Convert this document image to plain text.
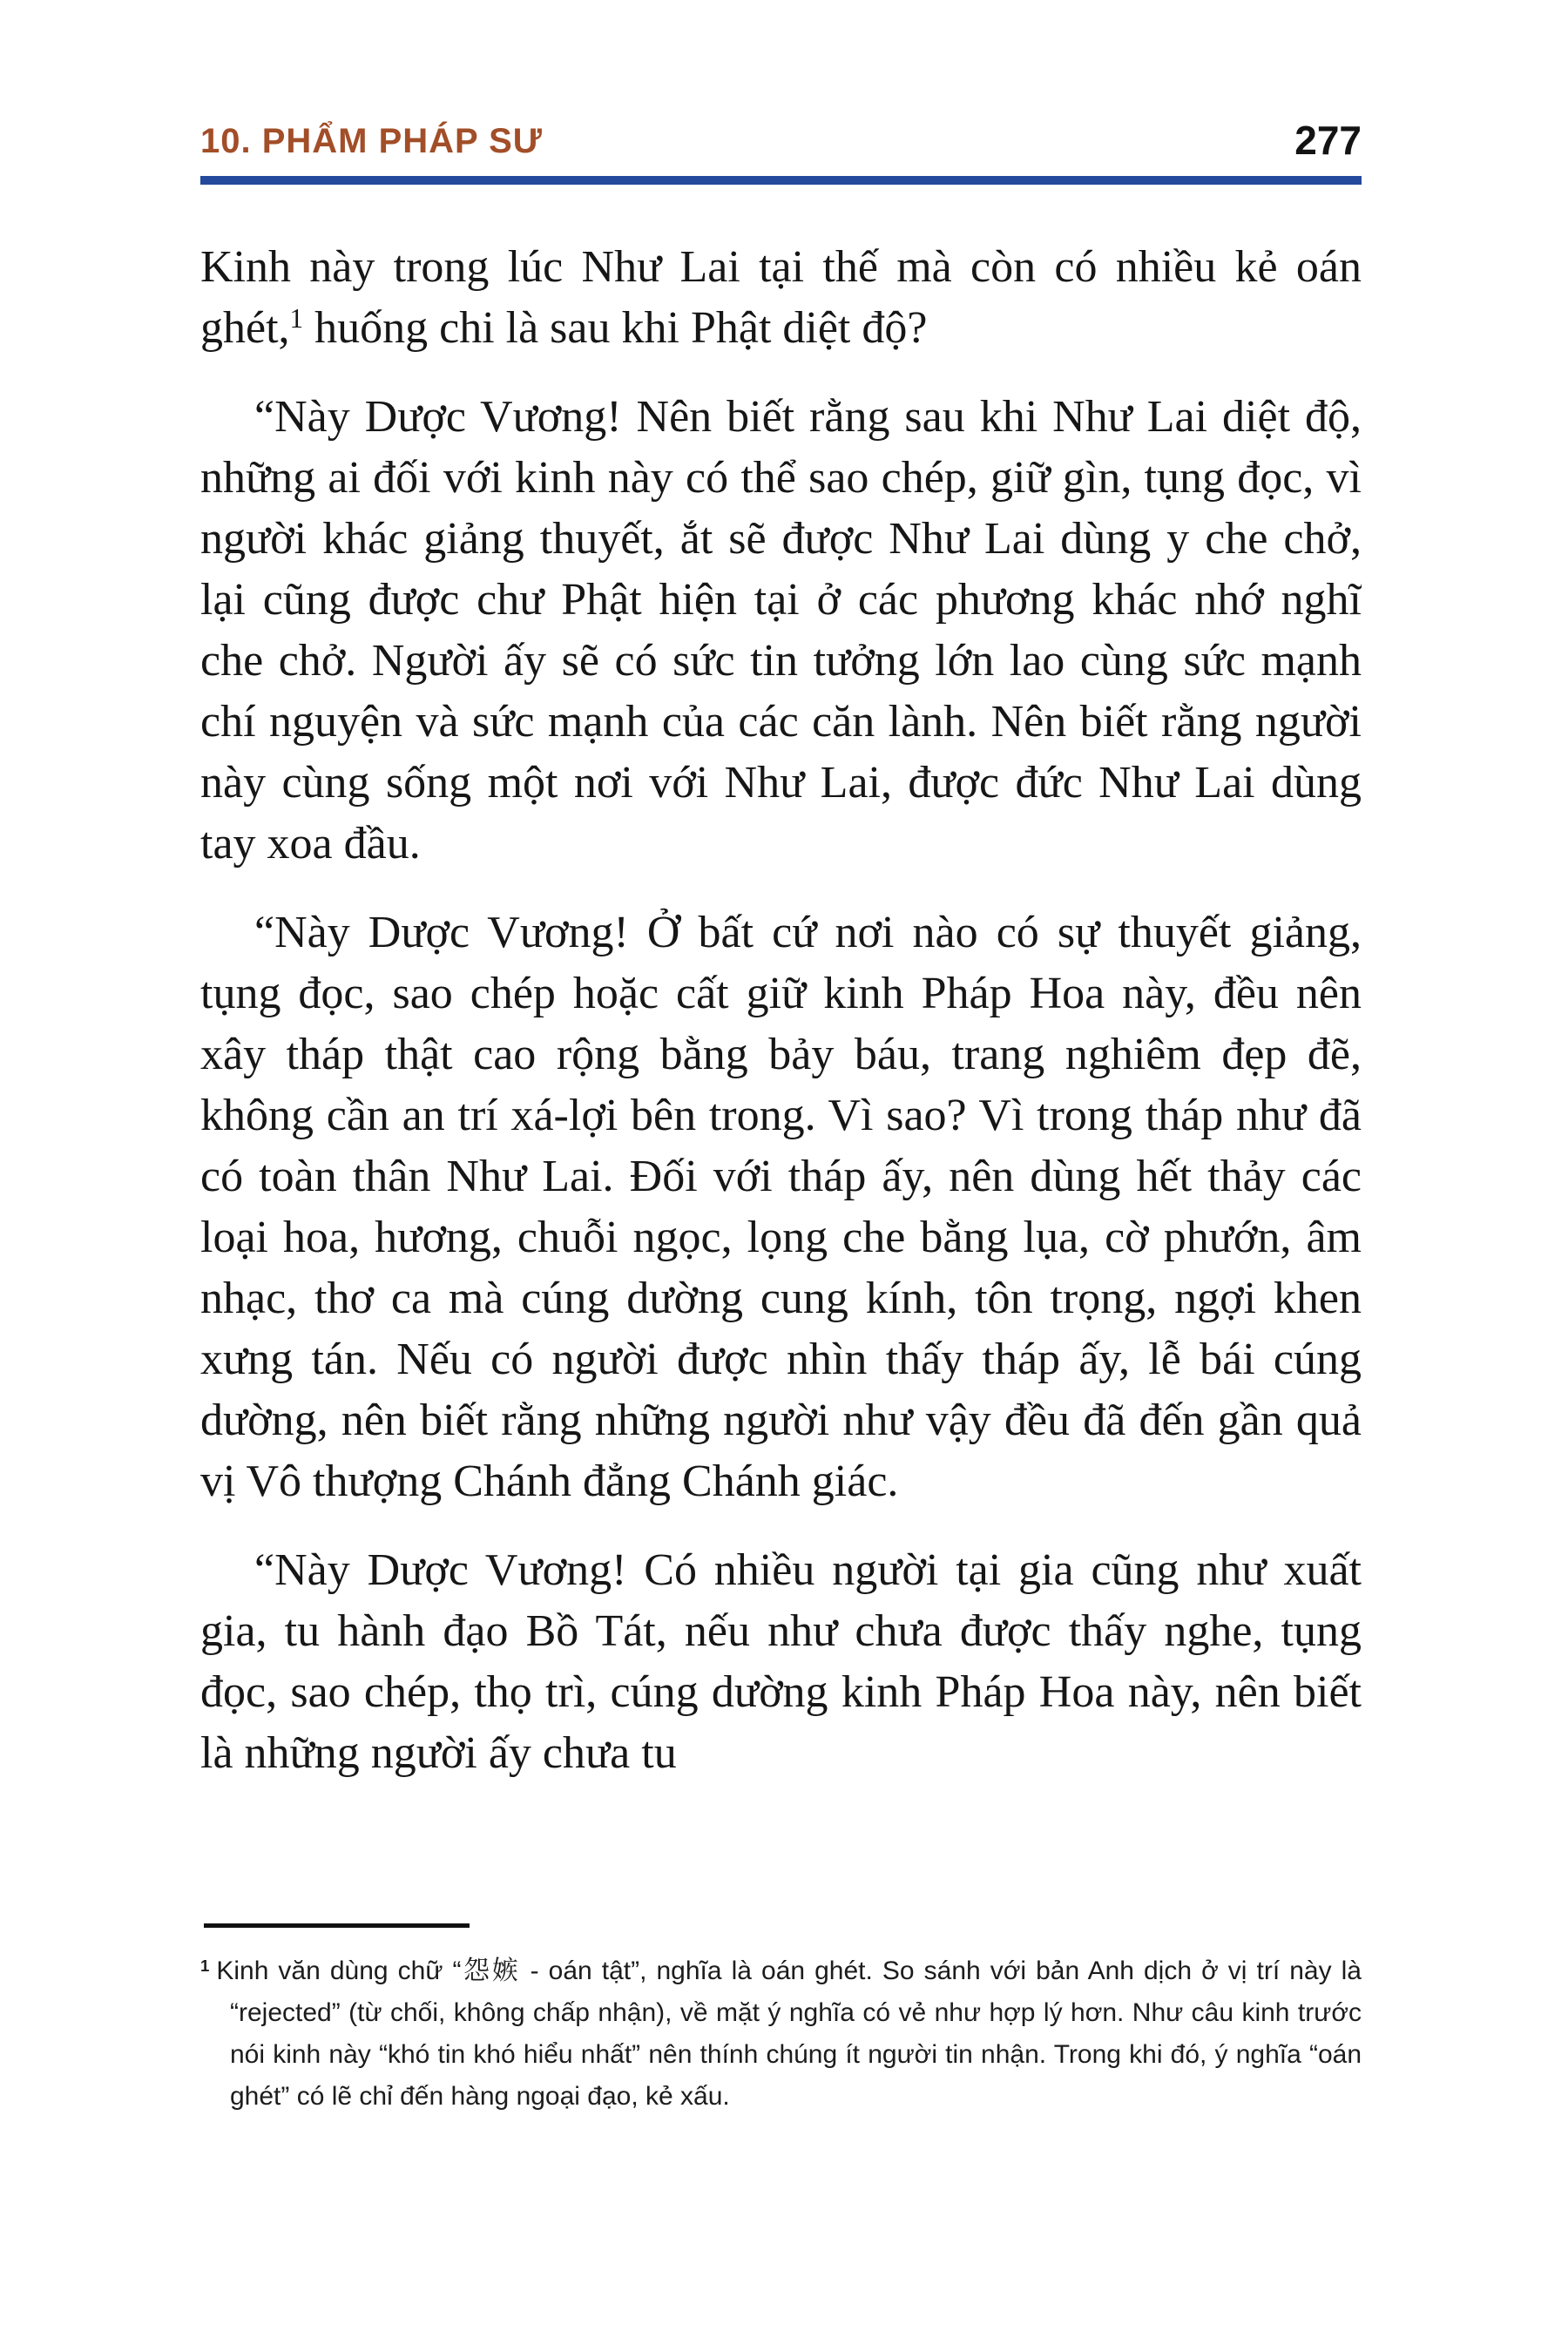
10. PHẨM PHÁP SƯ	277

Kinh này trong lúc Như Lai tại thế mà còn có nhiều kẻ oán ghét,$^1$ huống chi là sau khi Phật diệt độ?

“Này Dược Vương! Nên biết rằng sau khi Như Lai diệt độ, những ai đối với kinh này có thể sao chép, giữ gìn, tụng đọc, vì người khác giảng thuyết, ắt sẽ được Như Lai dùng y che chở, lại cũng được chư Phật hiện tại ở các phương khác nhớ nghĩ che chở. Người ấy sẽ có sức tin tưởng lớn lao cùng sức mạnh chí nguyện và sức mạnh của các căn lành. Nên biết rằng người này cùng sống một nơi với Như Lai, được đức Như Lai dùng tay xoa đầu.

“Này Dược Vương! Ở bất cứ nơi nào có sự thuyết giảng, tụng đọc, sao chép hoặc cất giữ kinh Pháp Hoa này, đều nên xây tháp thật cao rộng bằng bảy báu, trang nghiêm đẹp đẽ, không cần an trí xá-lợi bên trong. Vì sao? Vì trong tháp như đã có toàn thân Như Lai. Đối với tháp ấy, nên dùng hết thảy các loại hoa, hương, chuỗi ngọc, lọng che bằng lụa, cờ phướn, âm nhạc, thơ ca mà cúng dường cung kính, tôn trọng, ngợi khen xưng tán. Nếu có người được nhìn thấy tháp ấy, lễ bái cúng dường, nên biết rằng những người như vậy đều đã đến gần quả vị Vô thượng Chánh đẳng Chánh giác.

“Này Dược Vương! Có nhiều người tại gia cũng như xuất gia, tu hành đạo Bồ Tát, nếu như chưa được thấy nghe, tụng đọc, sao chép, thọ trì, cúng dường kinh Pháp Hoa này, nên biết là những người ấy chưa tu

$^1$ Kinh văn dùng chữ “怨嫉 - oán tật”, nghĩa là oán ghét. So sánh với bản Anh dịch ở vị trí này là “rejected” (từ chối, không chấp nhận), về mặt ý nghĩa có vẻ như hợp lý hơn. Như câu kinh trước nói kinh này “khó tin khó hiểu nhất” nên thính chúng ít người tin nhận. Trong khi đó, ý nghĩa “oán ghét” có lẽ chỉ đến hàng ngoại đạo, kẻ xấu.
